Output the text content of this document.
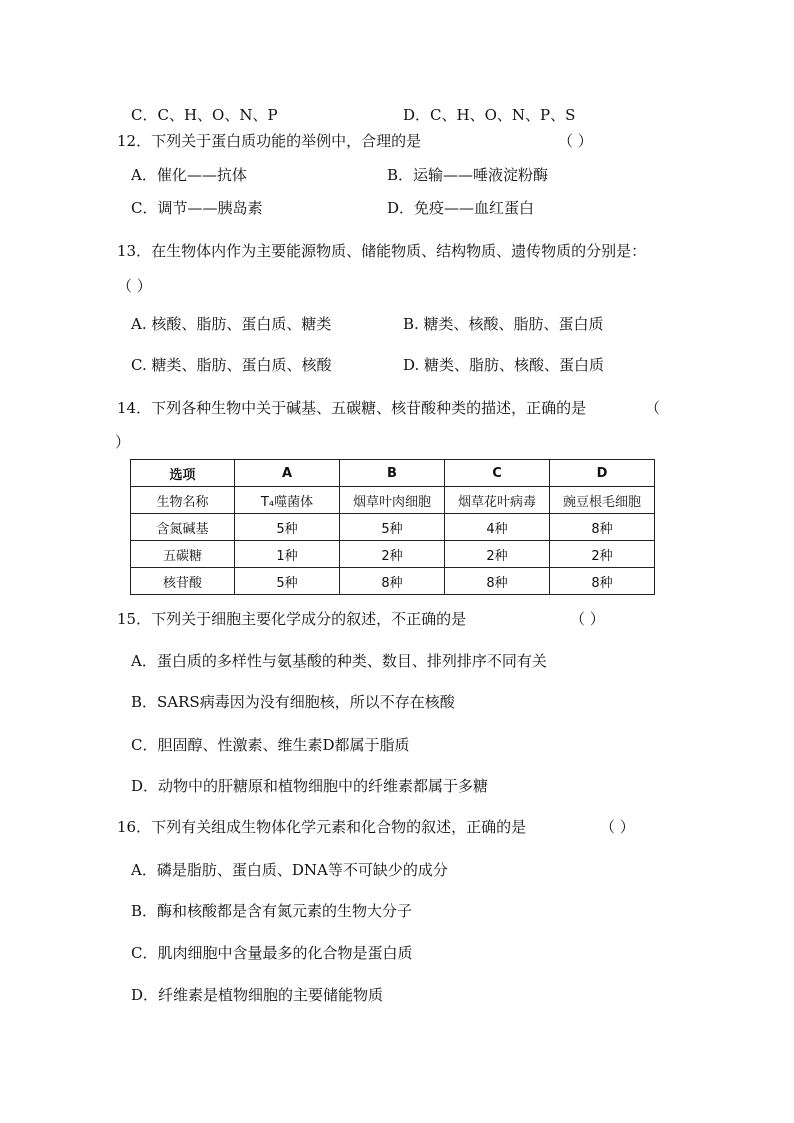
C．C、H、O、N、P	D．C、H、O、N、P、S
12．下列关于蛋白质功能的举例中，合理的是	（ ）
A．催化——抗体	B．运输——唾液淀粉酶
C．调节——胰岛素	D．免疫——血红蛋白
13．在生物体内作为主要能源物质、储能物质、结构物质、遗传物质的分别是：
（ ）
A. 核酸、脂肪、蛋白质、糖类	B. 糖类、核酸、脂肪、蛋白质
C. 糖类、脂肪、蛋白质、核酸	D. 糖类、脂肪、核酸、蛋白质
14．下列各种生物中关于碱基、五碳糖、核苷酸种类的描述，正确的是	（
）
选项	A	B	C	D
生物名称	T₄噬菌体	烟草叶肉细胞	烟草花叶病毒	豌豆根毛细胞
含氮碱基	5种	5种	4种	8种
五碳糖	1种	2种	2种	2种
核苷酸	5种	8种	8种	8种
15．下列关于细胞主要化学成分的叙述，不正确的是	（ ）
A．蛋白质的多样性与氨基酸的种类、数目、排列排序不同有关
B．SARS病毒因为没有细胞核，所以不存在核酸
C．胆固醇、性激素、维生素D都属于脂质
D．动物中的肝糖原和植物细胞中的纤维素都属于多糖
16．下列有关组成生物体化学元素和化合物的叙述，正确的是	（ ）
A．磷是脂肪、蛋白质、DNA等不可缺少的成分
B．酶和核酸都是含有氮元素的生物大分子
C．肌肉细胞中含量最多的化合物是蛋白质
D．纤维素是植物细胞的主要储能物质
